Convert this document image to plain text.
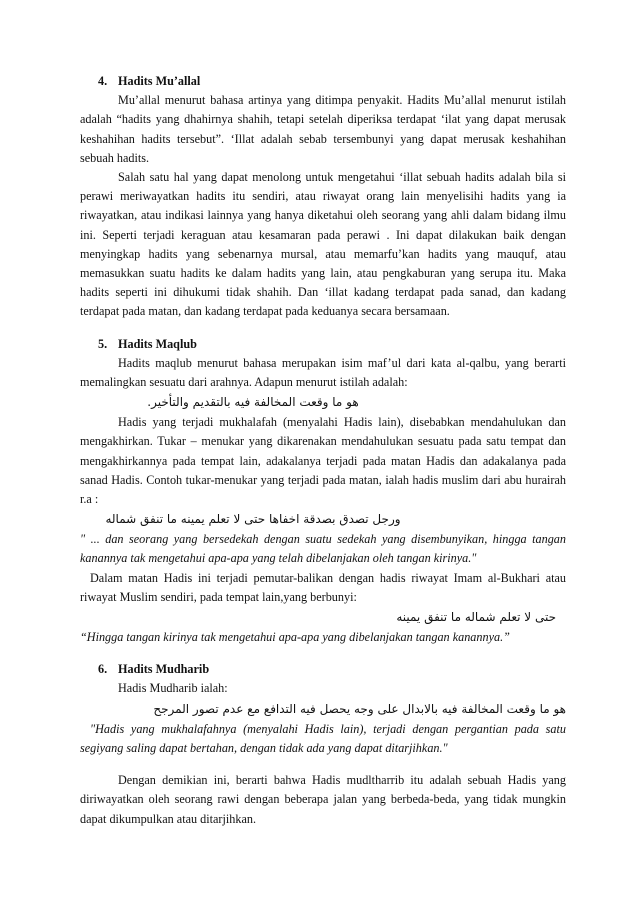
4. Hadits Mu’allal

Mu’allal menurut bahasa artinya yang ditimpa penyakit. Hadits Mu’allal menurut istilah adalah “hadits yang dhahirnya shahih, tetapi setelah diperiksa terdapat ‘ilat yang dapat merusak keshahihan hadits tersebut”. ‘Illat adalah sebab tersembunyi yang dapat merusak keshahihan sebuah hadits.

Salah satu hal yang dapat menolong untuk mengetahui ‘illat sebuah hadits adalah bila si perawi meriwayatkan hadits itu sendiri, atau riwayat orang lain menyelisihi hadits yang ia riwayatkan, atau indikasi lainnya yang hanya diketahui oleh seorang yang ahli dalam bidang ilmu ini. Seperti terjadi keraguan atau kesamaran pada perawi . Ini dapat dilakukan baik dengan menyingkap hadits yang sebenarnya mursal, atau memarfu’kan hadits yang mauquf, atau memasukkan suatu hadits ke dalam hadits yang lain, atau pengkaburan yang serupa itu. Maka hadits seperti ini dihukumi tidak shahih. Dan ‘illat kadang terdapat pada sanad, dan kadang terdapat pada matan, dan kadang terdapat pada keduanya secara bersamaan.

5. Hadits Maqlub

Hadits maqlub menurut bahasa merupakan isim maf’ul dari kata al-qalbu, yang berarti memalingkan sesuatu dari arahnya. Adapun menurut istilah adalah:

هو ما وقعت المخالفة فيه بالتقديم والتأخير.

Hadis yang terjadi mukhalafah (menyalahi Hadis lain), disebabkan mendahulukan dan mengakhirkan. Tukar – menukar yang dikarenakan mendahulukan sesuatu pada satu tempat dan mengakhirkannya pada tempat lain, adakalanya terjadi pada matan Hadis dan adakalanya pada sanad Hadis. Contoh tukar-menukar yang terjadi pada matan, ialah hadis muslim dari abu hurairah r.a :

ورجل تصدق بصدقة اخفاها حتى لا تعلم يمينه ما تنفق شماله

" ... dan seorang yang bersedekah dengan suatu sedekah yang disembunyikan, hingga tangan kanannya tak mengetahui apa-apa yang telah dibelanjakan oleh tangan kirinya."

Dalam matan Hadis ini terjadi pemutar-balikan dengan hadis riwayat Imam al-Bukhari atau riwayat Muslim sendiri, pada tempat lain,yang berbunyi:

حتى لا تعلم شماله ما تنفق يمينه

“Hingga tangan kirinya tak mengetahui apa-apa yang dibelanjakan tangan kanannya.”

6. Hadits Mudharib

Hadis Mudharib ialah:

هو ما وقعت المخالفة فيه بالابدال على وجه يحصل فيه التدافع مع عدم تصور المرجح

"Hadis yang mukhalafahnya (menyalahi Hadis lain), terjadi dengan pergantian pada satu segiyang saling dapat bertahan, dengan tidak ada yang dapat ditarjihkan."

Dengan demikian ini, berarti bahwa Hadis mudltharrib itu adalah sebuah Hadis yang diriwayatkan oleh seorang rawi dengan beberapa jalan yang berbeda-beda, yang tidak mungkin dapat dikumpulkan atau ditarjihkan.
